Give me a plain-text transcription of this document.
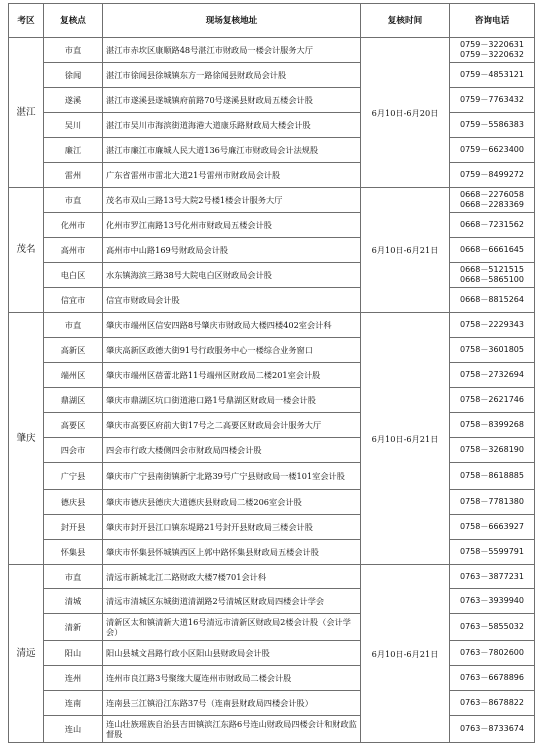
考区	复核点	现场复核地址	复核时间	咨询电话
湛江	市直	湛江市赤坎区康顺路48号湛江市财政局一楼会计服务大厅	6月10日-6月20日	0759－3220631
0759－3220632

	徐闻	湛江市徐闻县徐城镇东方一路徐闻县财政局会计股		0759－4853121

	遂溪	湛江市遂溪县遂城镇府前路70号遂溪县财政局五楼会计股		0759－7763432

	吴川	湛江市吴川市海滨街道海港大道康乐路财政局大楼会计股		0759－5586383

	廉江	湛江市廉江市廉城人民大道136号廉江市财政局会计法规股		0759－6623400

	雷州	广东省雷州市雷北大道21号雷州市财政局会计股		0759－8499272

茂名	市直	茂名市双山三路13号大院2号楼1楼会计服务大厅	6月10日-6月21日	0668－2276058
0668－2283369

	化州市	化州市罗江南路13号化州市财政局五楼会计股		0668－7231562

	高州市	高州市中山路169号财政局会计股		0668－6661645

	电白区	水东镇海滨三路38号大院电白区财政局会计股		0668－5121515
0668－5865100

	信宜市	信宜市财政局会计股		0668－8815264

肇庆	市直	肇庆市端州区信安四路8号肇庆市财政局大楼四楼402室会计科	6月10日-6月21日	0758－2229343

	高新区	肇庆高新区政德大街91号行政服务中心一楼综合业务窗口		0758－3601805

	端州区	肇庆市端州区蓓蕾北路11号端州区财政局二楼201室会计股		0758－2732694

	鼎湖区	肇庆市鼎湖区坑口街道港口路1号鼎湖区财政局一楼会计股		0758－2621746

	高要区	肇庆市高要区府前大街17号之二高要区财政局会计服务大厅		0758－8399268

	四会市	四会市行政大楼侧四会市财政局四楼会计股		0758－3268190

	广宁县	肇庆市广宁县南街镇新宁北路39号广宁县财政局一楼101室会计股		0758－8618885

	德庆县	肇庆市德庆县德庆大道德庆县财政局二楼206室会计股		0758－7781380

	封开县	肇庆市封开县江口镇东堤路21号封开县财政局三楼会计股		0758－6663927

	怀集县	肇庆市怀集县怀城镇西区上郭中路怀集县财政局五楼会计股		0758－5599791

清远	市直	清远市新城北江二路财政大楼7楼701会计科	6月10日-6月21日	0763－3877231

	清城	清远市清城区东城街道清湖路2号清城区财政局四楼会计学会		0763－3939940

	清新	清新区太和镇清新大道16号清远市清新区财政局2楼会计股（会计学会）		0763－5855032

	阳山	阳山县城文昌路行政小区阳山县财政局会计股		0763－7802600

	连州	连州市良江路3号聚缘大厦连州市财政局二楼会计股		0763－6678896

	连南	连南县三江镇沿江东路37号（连南县财政局四楼会计股）		0763－8678822

	连山	连山壮族瑶族自治县吉田镇滨江东路6号连山财政局四楼会计和财政监督股		0763－8733674
